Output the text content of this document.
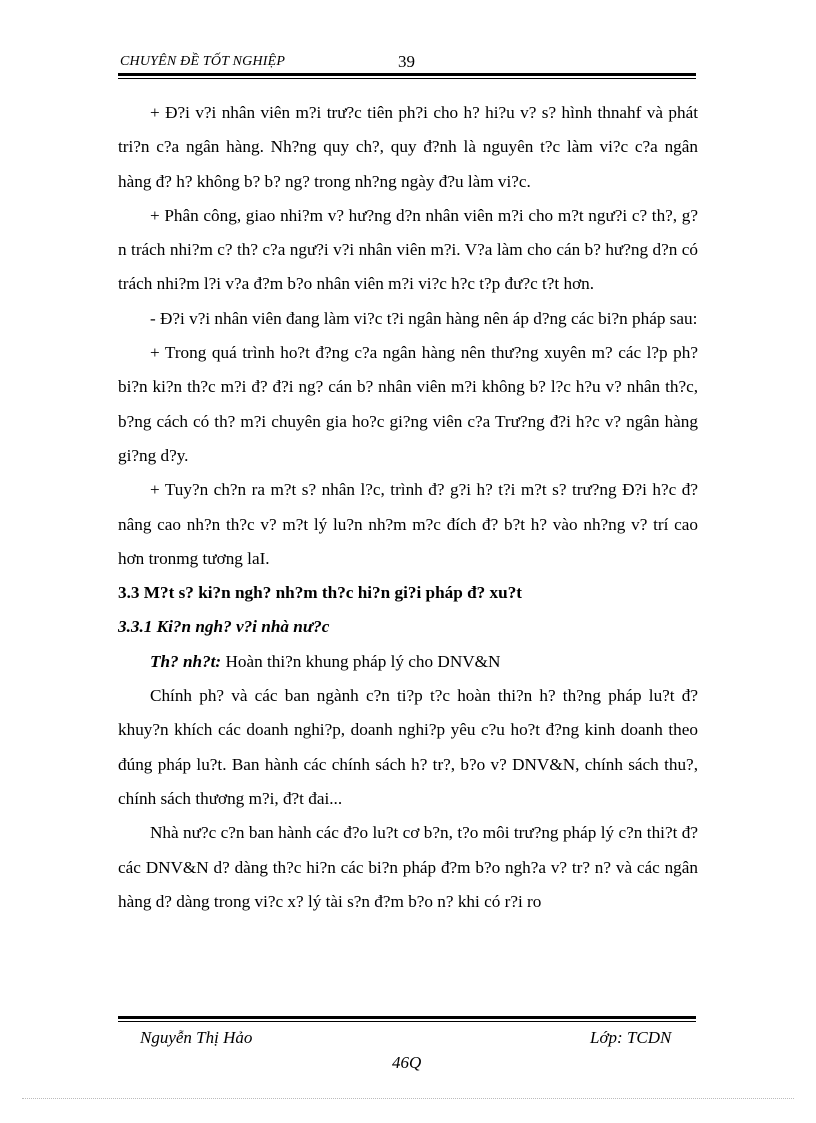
CHUYÊN ĐỀ TỐT NGHIỆP	39

+ Đ?i v?i nhân viên m?i trư?c tiên ph?i cho h? hi?u v? s? hình thnahf và phát tri?n c?a ngân hàng. Nh?ng quy ch?, quy đ?nh là nguyên t?c làm vi?c c?a ngân hàng đ? h? không b? b? ng? trong nh?ng ngày đ?u làm vi?c.

+ Phân công, giao nhi?m v? hư?ng d?n nhân viên m?i cho m?t ngư?i c? th?, g?n trách nhi?m c? th? c?a ngư?i v?i nhân viên m?i. V?a làm cho cán b? hư?ng d?n có trách nhi?m l?i v?a đ?m b?o nhân viên m?i vi?c h?c t?p đư?c t?t hơn.

- Đ?i v?i nhân viên đang làm vi?c t?i ngân hàng nên áp d?ng các bi?n pháp sau:

+ Trong quá trình ho?t đ?ng c?a ngân hàng nên thư?ng xuyên m? các l?p ph? bi?n ki?n th?c m?i đ? đ?i ng? cán b? nhân viên m?i không b? l?c h?u v? nhân th?c, b?ng cách có th? m?i chuyên gia ho?c gi?ng viên c?a Trư?ng đ?i h?c v? ngân hàng gi?ng d?y.

+ Tuy?n ch?n ra m?t s? nhân l?c, trình đ? g?i h? t?i m?t s? trư?ng Đ?i h?c đ? nâng cao nh?n th?c v? m?t lý lu?n nh?m m?c đích đ? b?t h? vào nh?ng v? trí cao hơn tronmg tương laI.

3.3 M?t s? ki?n ngh? nh?m th?c hi?n gi?i pháp đ? xu?t

3.3.1 Ki?n ngh? v?i nhà nư?c

Th? nh?t: Hoàn thi?n khung pháp lý cho DNV&N

Chính ph? và các ban ngành c?n ti?p t?c hoàn thi?n h? th?ng pháp lu?t đ? khuy?n khích các doanh nghi?p, doanh nghi?p yêu c?u ho?t đ?ng kinh doanh theo đúng pháp lu?t. Ban hành các chính sách h? tr?, b?o v? DNV&N, chính sách thu?, chính sách thương m?i, đ?t đai...

Nhà nư?c c?n ban hành các đ?o lu?t cơ b?n, t?o môi trư?ng pháp lý c?n thi?t đ? các DNV&N d? dàng th?c hi?n các bi?n pháp đ?m b?o ngh?a v? tr? n? và các ngân hàng d? dàng trong vi?c x? lý tài s?n đ?m b?o n? khi có r?i ro

Nguyễn Thị Hảo	Lớp: TCDN
46Q
